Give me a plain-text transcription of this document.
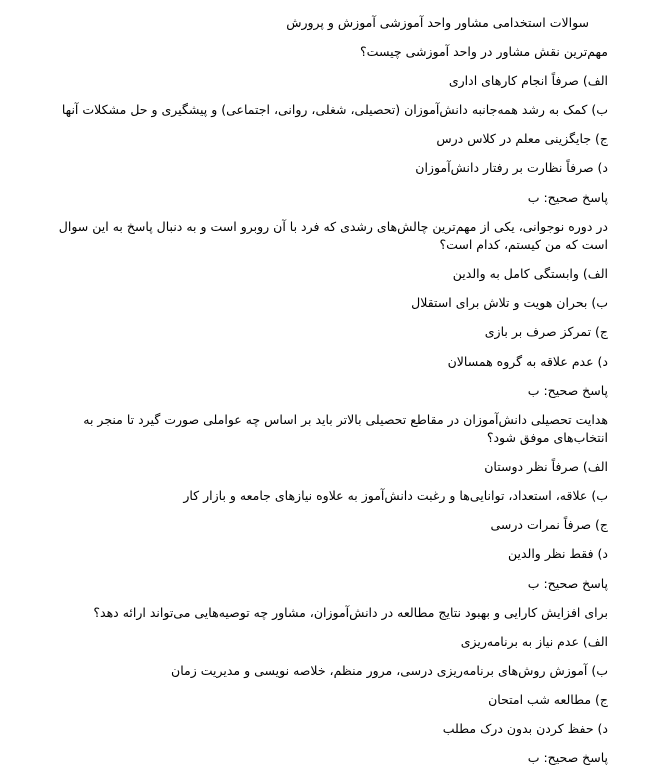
سوالات استخدامی مشاور واحد آموزشی آموزش و پرورش
مهم‌ترین نقش مشاور در واحد آموزشی چیست؟
الف) صرفاً انجام کارهای اداری
ب) کمک به رشد همه‌جانبه دانش‌آموزان (تحصیلی، شغلی، روانی، اجتماعی) و پیشگیری و حل مشکلات آنها
ج) جایگزینی معلم در کلاس درس
د) صرفاً نظارت بر رفتار دانش‌آموزان
پاسخ صحیح: ب
در دوره نوجوانی، یکی از مهم‌ترین چالش‌های رشدی که فرد با آن روبرو است و به دنبال پاسخ به این سوال است که من کیستم، کدام است؟
الف) وابستگی کامل به والدین
ب) بحران هویت و تلاش برای استقلال
ج) تمرکز صرف بر بازی
د) عدم علاقه به گروه همسالان
پاسخ صحیح: ب
هدایت تحصیلی دانش‌آموزان در مقاطع تحصیلی بالاتر باید بر اساس چه عواملی صورت گیرد تا منجر به انتخاب‌های موفق شود؟
الف) صرفاً نظر دوستان
ب) علاقه، استعداد، توانایی‌ها و رغبت دانش‌آموز به علاوه نیازهای جامعه و بازار کار
ج) صرفاً نمرات درسی
د) فقط نظر والدین
پاسخ صحیح: ب
برای افزایش کارایی و بهبود نتایج مطالعه در دانش‌آموزان، مشاور چه توصیه‌هایی می‌تواند ارائه دهد؟
الف) عدم نیاز به برنامه‌ریزی
ب) آموزش روش‌های برنامه‌ریزی درسی، مرور منظم، خلاصه نویسی و مدیریت زمان
ج) مطالعه شب امتحان
د) حفظ کردن بدون درک مطلب
پاسخ صحیح: ب
